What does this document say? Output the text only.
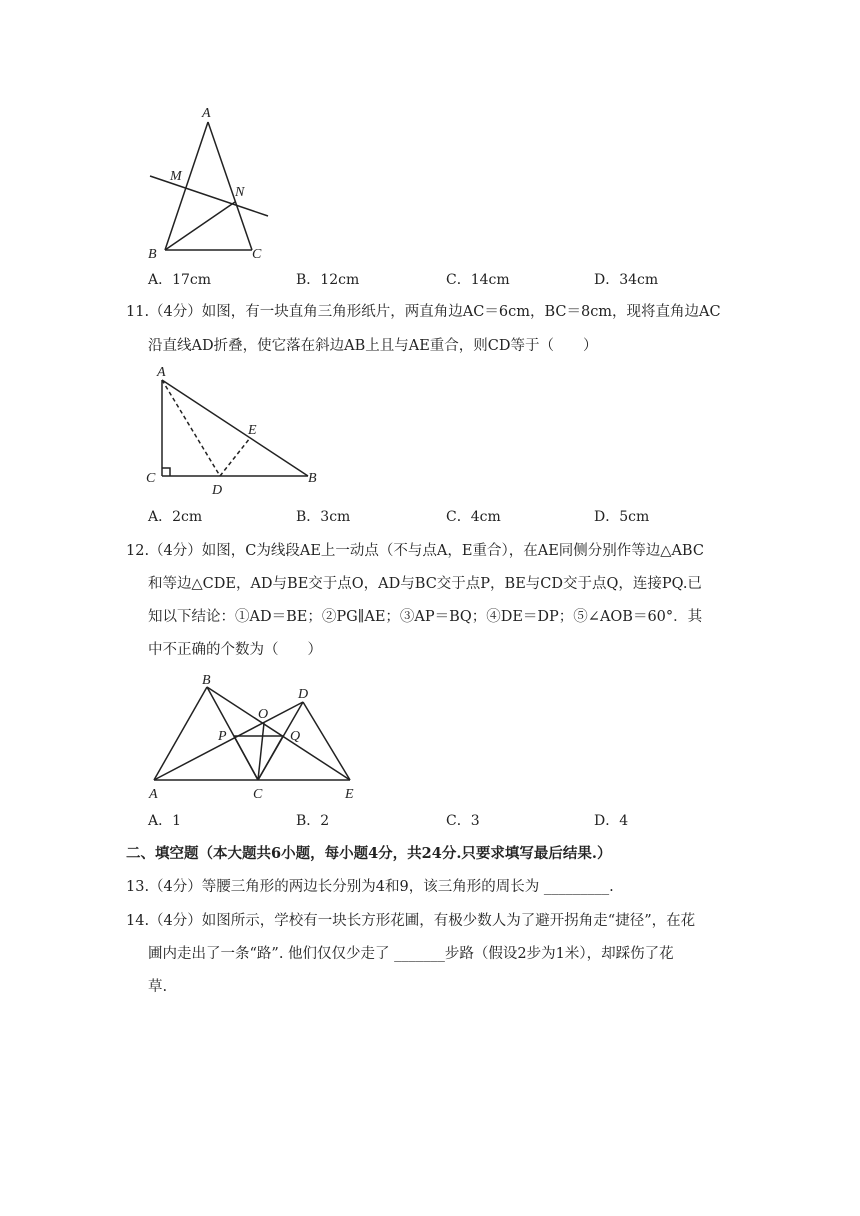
A
M
N
B	C
A．17cm	B．12cm	C．14cm	D．34cm
11.（4分）如图，有一块直角三角形纸片，两直角边AC＝6cm，BC＝8cm，现将直角边AC
沿直线AD折叠，使它落在斜边AB上且与AE重合，则CD等于（　　）
A
E
C
D
B
A．2cm	B．3cm	C．4cm	D．5cm
12.（4分）如图，C为线段AE上一动点（不与点A，E重合），在AE同侧分别作等边△ABC
和等边△CDE，AD与BE交于点O，AD与BC交于点P，BE与CD交于点Q，连接PQ.已
知以下结论：①AD＝BE；②PG∥AE；③AP＝BQ；④DE＝DP；⑤∠AOB＝60°．其
中不正确的个数为（　　）
B
D
O
P	Q
A	C	E
A．1	B．2	C．3	D．4
二、填空题（本大题共6小题，每小题4分，共24分.只要求填写最后结果.）
13.（4分）等腰三角形的两边长分别为4和9，该三角形的周长为 _________.
14.（4分）如图所示，学校有一块长方形花圃，有极少数人为了避开拐角走“捷径”，在花
圃内走出了一条“路”. 他们仅仅少走了 _______步路（假设2步为1米），却踩伤了花
草.
